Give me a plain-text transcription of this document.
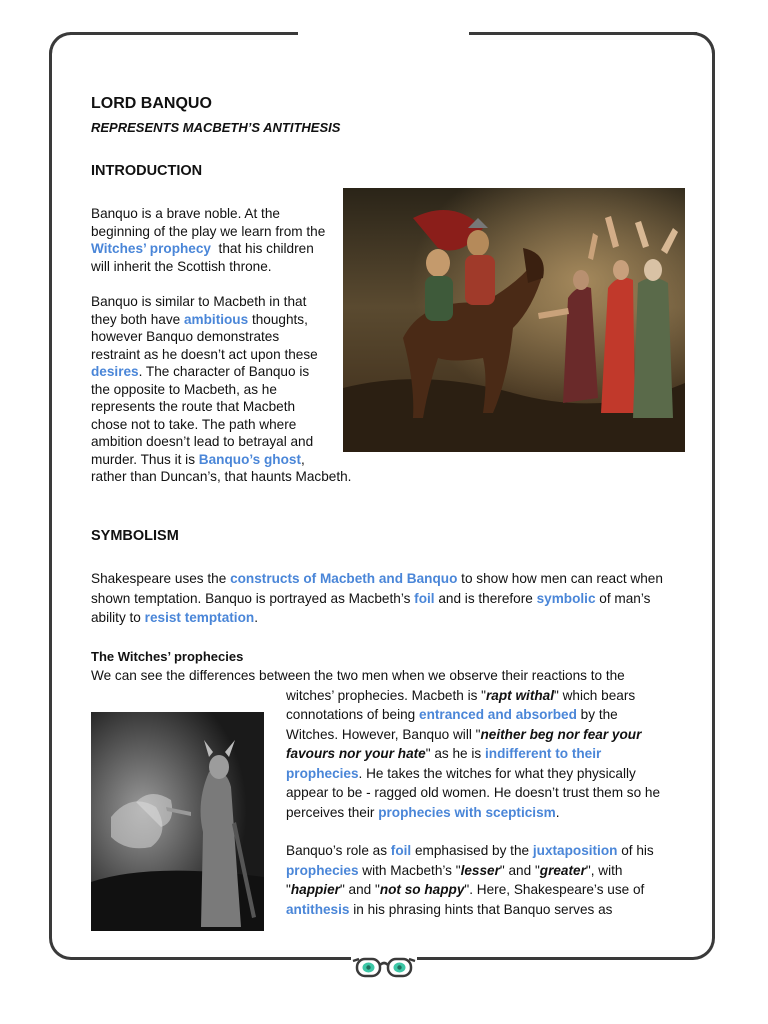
LORD BANQUO
REPRESENTS MACBETH’S ANTITHESIS
INTRODUCTION
Banquo is a brave noble. At the
beginning of the play we learn from the
Witches’ prophecy  that his children
will inherit the Scottish throne.
Banquo is similar to Macbeth in that
they both have ambitious thoughts,
however Banquo demonstrates
restraint as he doesn’t act upon these
desires. The character of Banquo is
the opposite to Macbeth, as he
represents the route that Macbeth
chose not to take. The path where
ambition doesn’t lead to betrayal and
murder. Thus it is Banquo’s ghost,
rather than Duncan’s, that haunts Macbeth.
SYMBOLISM
Shakespeare uses the constructs of Macbeth and Banquo to show how men can react when
shown temptation. Banquo is portrayed as Macbeth’s foil and is therefore symbolic of man’s
ability to resist temptation.
The Witches’ prophecies
We can see the differences between the two men when we observe their reactions to the
witches’ prophecies. Macbeth is "rapt withal" which bears
connotations of being entranced and absorbed by the
Witches. However, Banquo will "neither beg nor fear your
favours nor your hate" as he is indifferent to their
prophecies. He takes the witches for what they physically
appear to be - ragged old women. He doesn’t trust them so he
perceives their prophecies with scepticism.
Banquo’s role as foil emphasised by the juxtaposition of his
prophecies with Macbeth’s "lesser" and "greater", with
"happier" and "not so happy". Here, Shakespeare’s use of
antithesis in his phrasing hints that Banquo serves as
